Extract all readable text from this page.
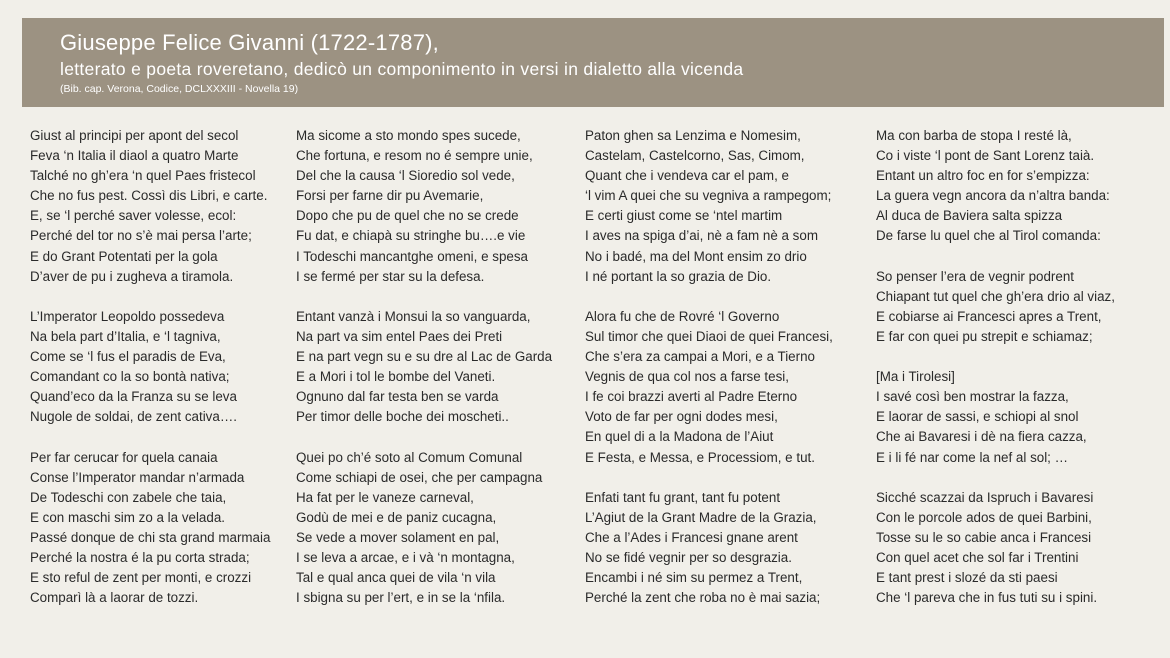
Giuseppe Felice Givanni (1722-1787),
letterato e poeta roveretano, dedicò un componimento in versi in dialetto alla vicenda
(Bib. cap. Verona, Codice, DCLXXXIII - Novella 19)
Giust al principi per apont del secol
Feva ‘n Italia il diaol a quatro Marte
Talché no gh’era ‘n quel Paes fristecol
Che no fus pest. Cossì dis Libri, e carte.
E, se ‘l perché saver volesse, ecol:
Perché del tor no s’è mai persa l’arte;
E do Grant Potentati per la gola
D’aver de pu i zugheva a tiramola.
L’Imperator Leopoldo possedeva
Na bela part d’Italia, e ‘l tagniva,
Come se ‘l fus el paradis de Eva,
Comandant co la so bontà nativa;
Quand’eco da la Franza su se leva
Nugole de soldai, de zent cativa….
Per far cerucar for quela canaia
Conse l’Imperator mandar n’armada
De Todeschi con zabele che taia,
E con maschi sim zo a la velada.
Passé donque de chi sta grand marmaia
Perché la nostra é la pu corta strada;
E sto reful de zent per monti, e crozzi
Comparì là a laorar de tozzi.
Ma sicome a sto mondo spes sucede,
Che fortuna, e resom no é sempre unie,
Del che la causa ‘l Sioredio sol vede,
Forsi per farne dir pu Avemarie,
Dopo che pu de quel che no se crede
Fu dat, e chiapà su stringhe bu….e vie
I Todeschi mancantghe omeni, e spesa
I se fermé per star su la defesa.
Entant vanzà i Monsui la so vanguarda,
Na part va sim entel Paes dei Preti
E na part vegn su e su dre al Lac de Garda
E a Mori i tol le bombe del Vaneti.
Ognuno dal far testa ben se varda
Per timor delle boche dei moscheti..
Quei po ch’é soto al Comum Comunal
Come schiapi de osei, che per campagna
Ha fat per le vaneze carneval,
Godù de mei e de paniz cucagna,
Se vede a mover solament en pal,
I se leva a arcae, e i và ‘n montagna,
Tal e qual anca quei de vila ‘n vila
I sbigna su per l’ert, e in se la ‘nfila.
Paton ghen sa Lenzima e Nomesim,
Castelam, Castelcorno, Sas, Cimom,
Quant che i vendeva car el pam, e
‘l vim A quei che su vegniva a rampegom;
E certi giust come se ‘ntel martim
I aves na spiga d’ai, nè a fam nè a som
No i badé, ma del Mont ensim zo drio
I né portant la so grazia de Dio.
Alora fu che de Rovré ‘l Governo
Sul timor che quei Diaoi de quei Francesi,
Che s’era za campai a Mori, e a Tierno
Vegnis de qua col nos a farse tesi,
I fe coi brazzi averti al Padre Eterno
Voto de far per ogni dodes mesi,
En quel di a la Madona de l’Aiut
E Festa, e Messa, e Processiom, e tut.
Enfati tant fu grant, tant fu potent
L’Agiut de la Grant Madre de la Grazia,
Che a l’Ades i Francesi gnane arent
No se fidé vegnir per so desgrazia.
Encambi i né sim su permez a Trent,
Perché la zent che roba no è mai sazia;
Ma con barba de stopa I resté là,
Co i viste ‘l pont de Sant Lorenz taià.
Entant un altro foc en for s’empizza:
La guera vegn ancora da n’altra banda:
Al duca de Baviera salta spizza
De farse lu quel che al Tirol comanda:
So penser l’era de vegnir podrent
Chiapant tut quel che gh’era drio al viaz,
E cobiarse ai Francesci apres a Trent,
E far con quei pu strepit e schiamaz;
[Ma i Tirolesi]
I savé così ben mostrar la fazza,
E laorar de sassi, e schiopi al snol
Che ai Bavaresi i dè na fiera cazza,
E i li fé nar come la nef al sol; …
Sicché scazzai da Ispruch i Bavaresi
Con le porcole ados de quei Barbini,
Tosse su le so cabie anca i Francesi
Con quel acet che sol far i Trentini
E tant prest i slozé da sti paesi
Che ‘l pareva che in fus tuti su i spini.
